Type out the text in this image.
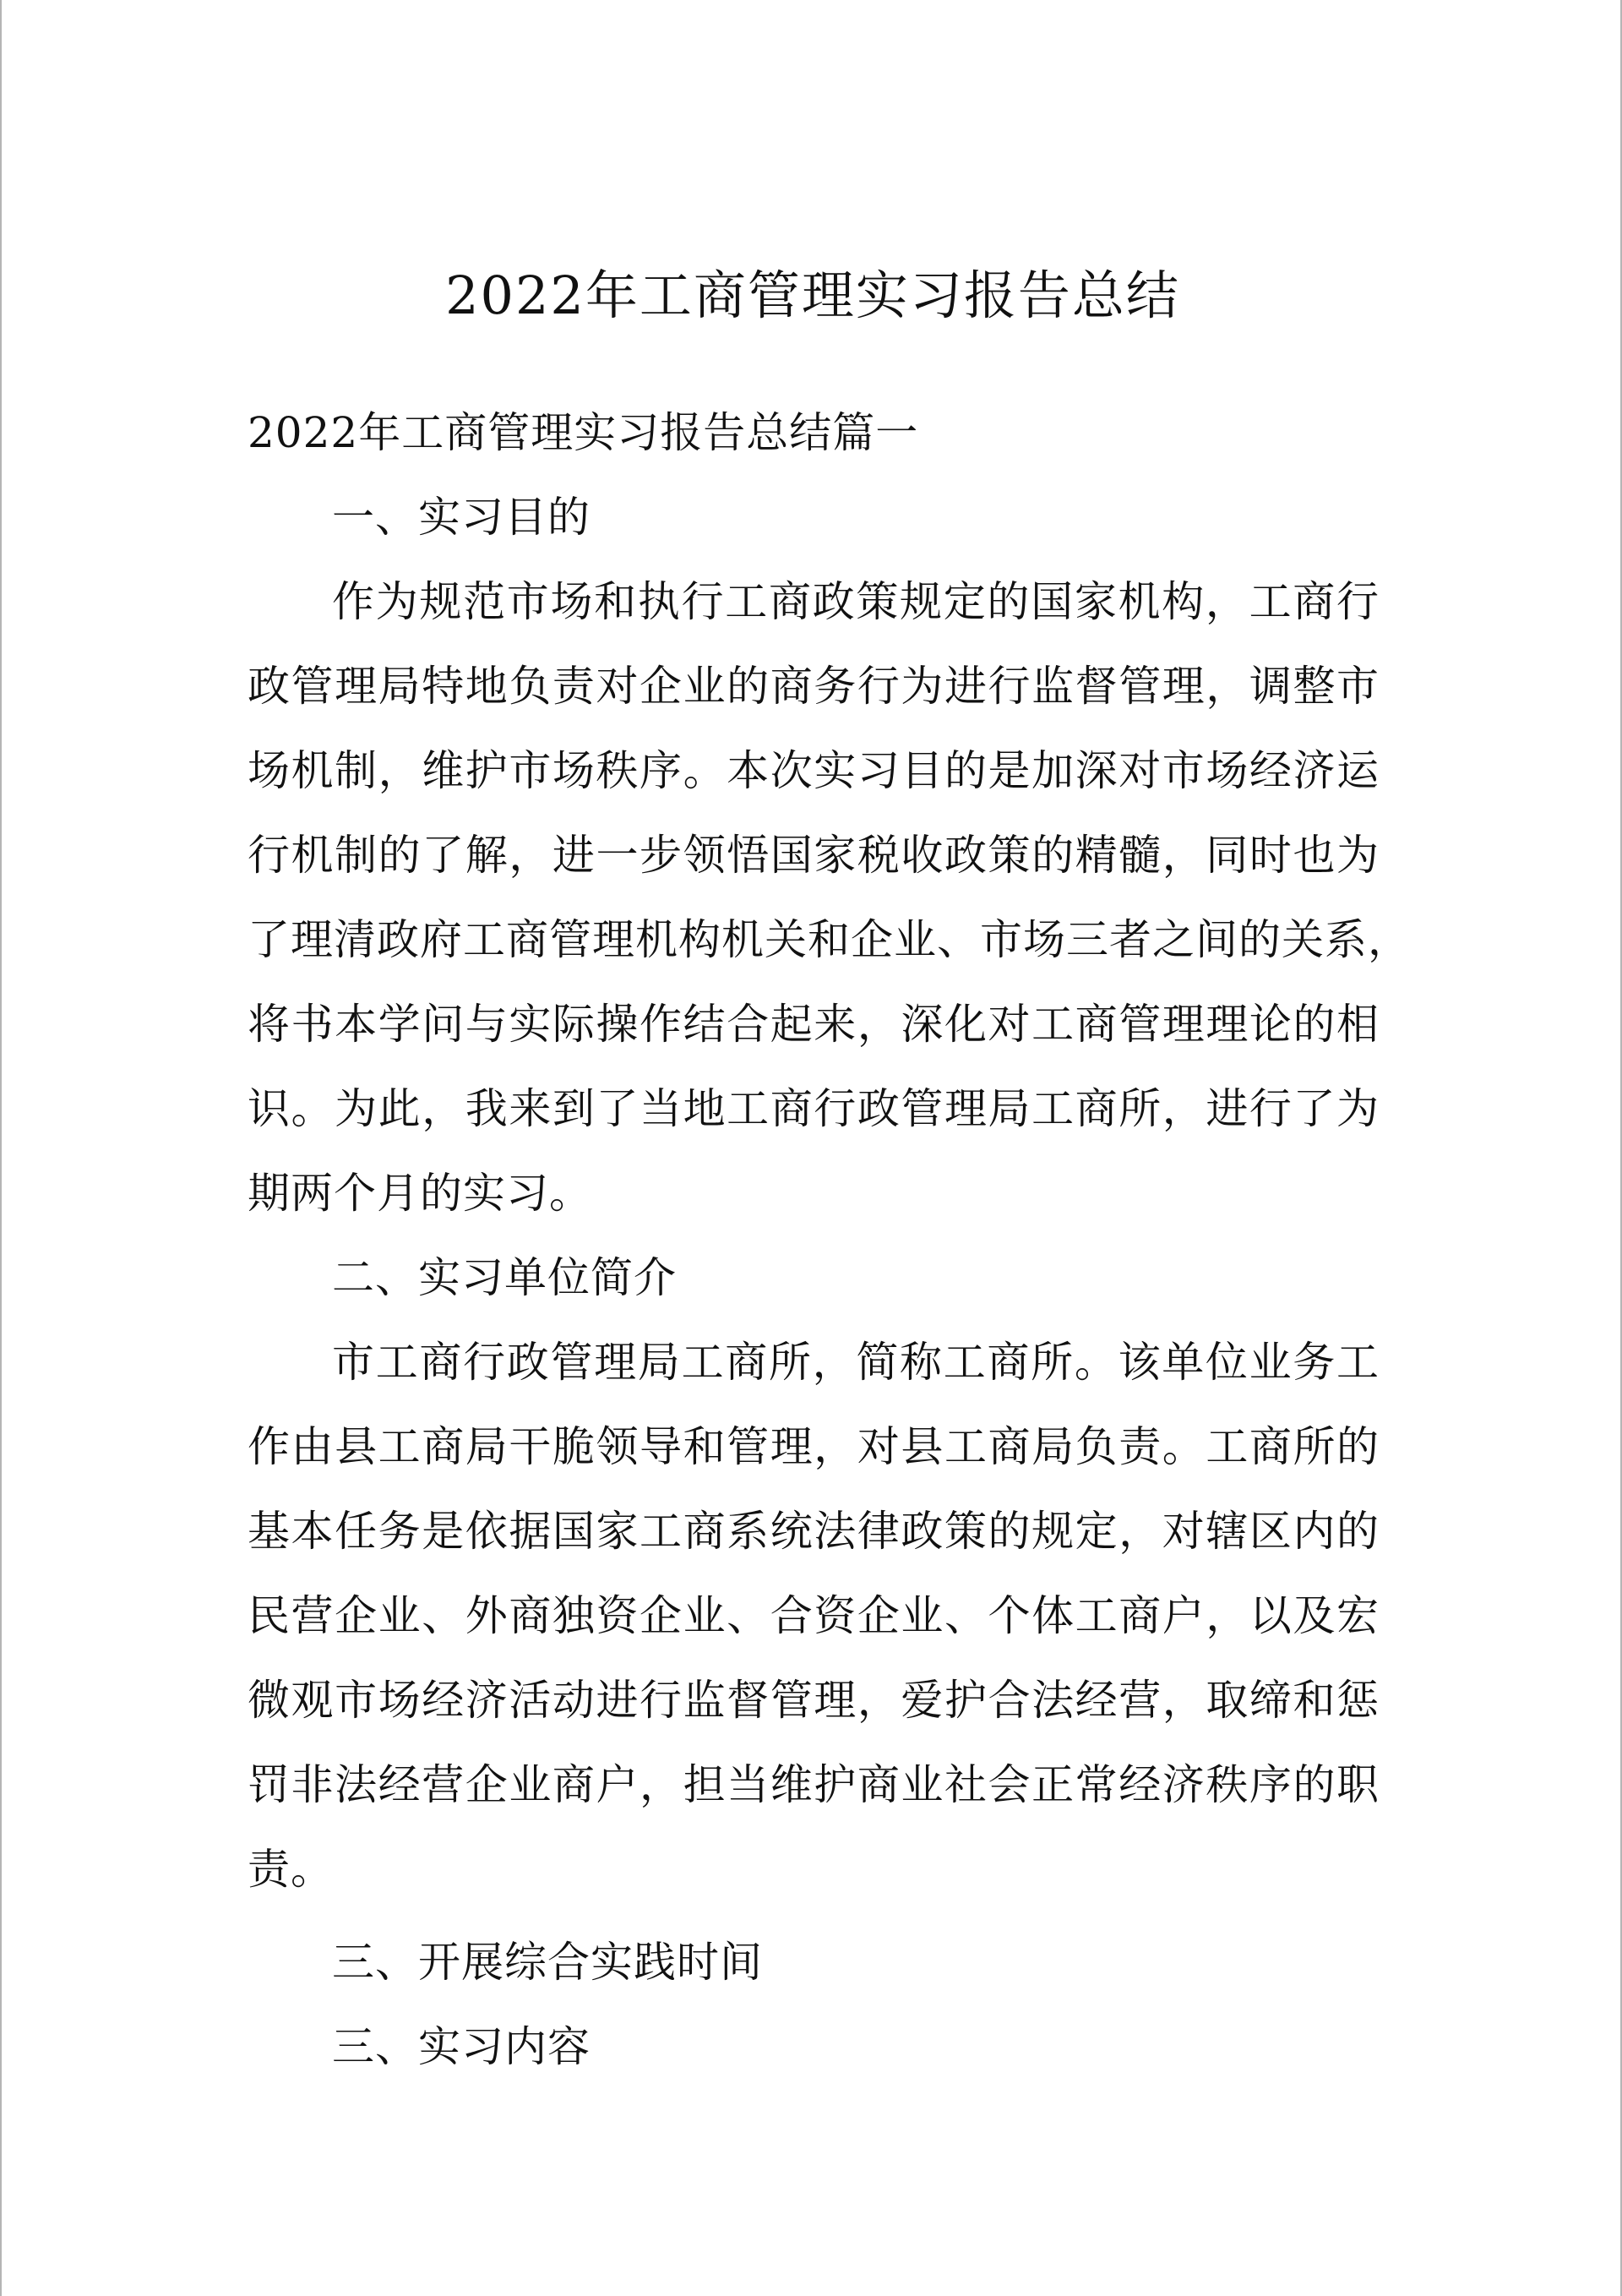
2022年工商管理实习报告总结
2022年工商管理实习报告总结篇一
一、实习目的
作为规范市场和执行工商政策规定的国家机构，工商行
政管理局特地负责对企业的商务行为进行监督管理，调整市
场机制，维护市场秩序。本次实习目的是加深对市场经济运
行机制的了解，进一步领悟国家税收政策的精髓，同时也为
了理清政府工商管理机构机关和企业、市场三者之间的关系，
将书本学问与实际操作结合起来，深化对工商管理理论的相
识。为此，我来到了当地工商行政管理局工商所，进行了为
期两个月的实习。
二、实习单位简介
市工商行政管理局工商所，简称工商所。该单位业务工
作由县工商局干脆领导和管理，对县工商局负责。工商所的
基本任务是依据国家工商系统法律政策的规定，对辖区内的
民营企业、外商独资企业、合资企业、个体工商户，以及宏
微观市场经济活动进行监督管理，爱护合法经营，取缔和惩
罚非法经营企业商户，担当维护商业社会正常经济秩序的职
责。
三、开展综合实践时间
三、实习内容
